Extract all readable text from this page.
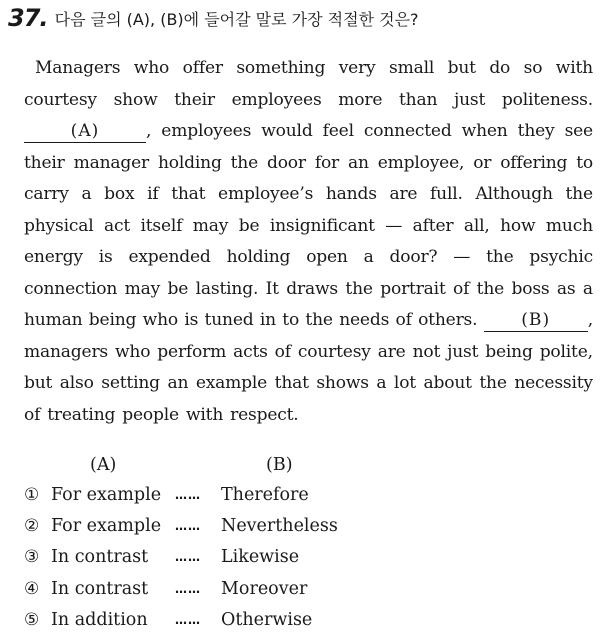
37. 다음 글의 (A), (B)에 들어갈 말로 가장 적절한 것은?
Managers who offer something very small but do so with
courtesy show their employees more than just politeness.
(A)	, employees would feel connected when they see
their manager holding the door for an employee, or offering to
carry a box if that employee’s hands are full. Although the
physical act itself may be insignificant — after all, how much
energy is expended holding open a door? — the psychic
connection may be lasting. It draws the portrait of the boss as a
human being who is tuned in to the needs of others.	(B)	,
managers who perform acts of courtesy are not just being polite,
but also setting an example that shows a lot about the necessity
of treating people with respect.
(A)	(B)
① For example …… Therefore
② For example …… Nevertheless
③ In contrast …… Likewise
④ In contrast …… Moreover
⑤ In addition …… Otherwise
